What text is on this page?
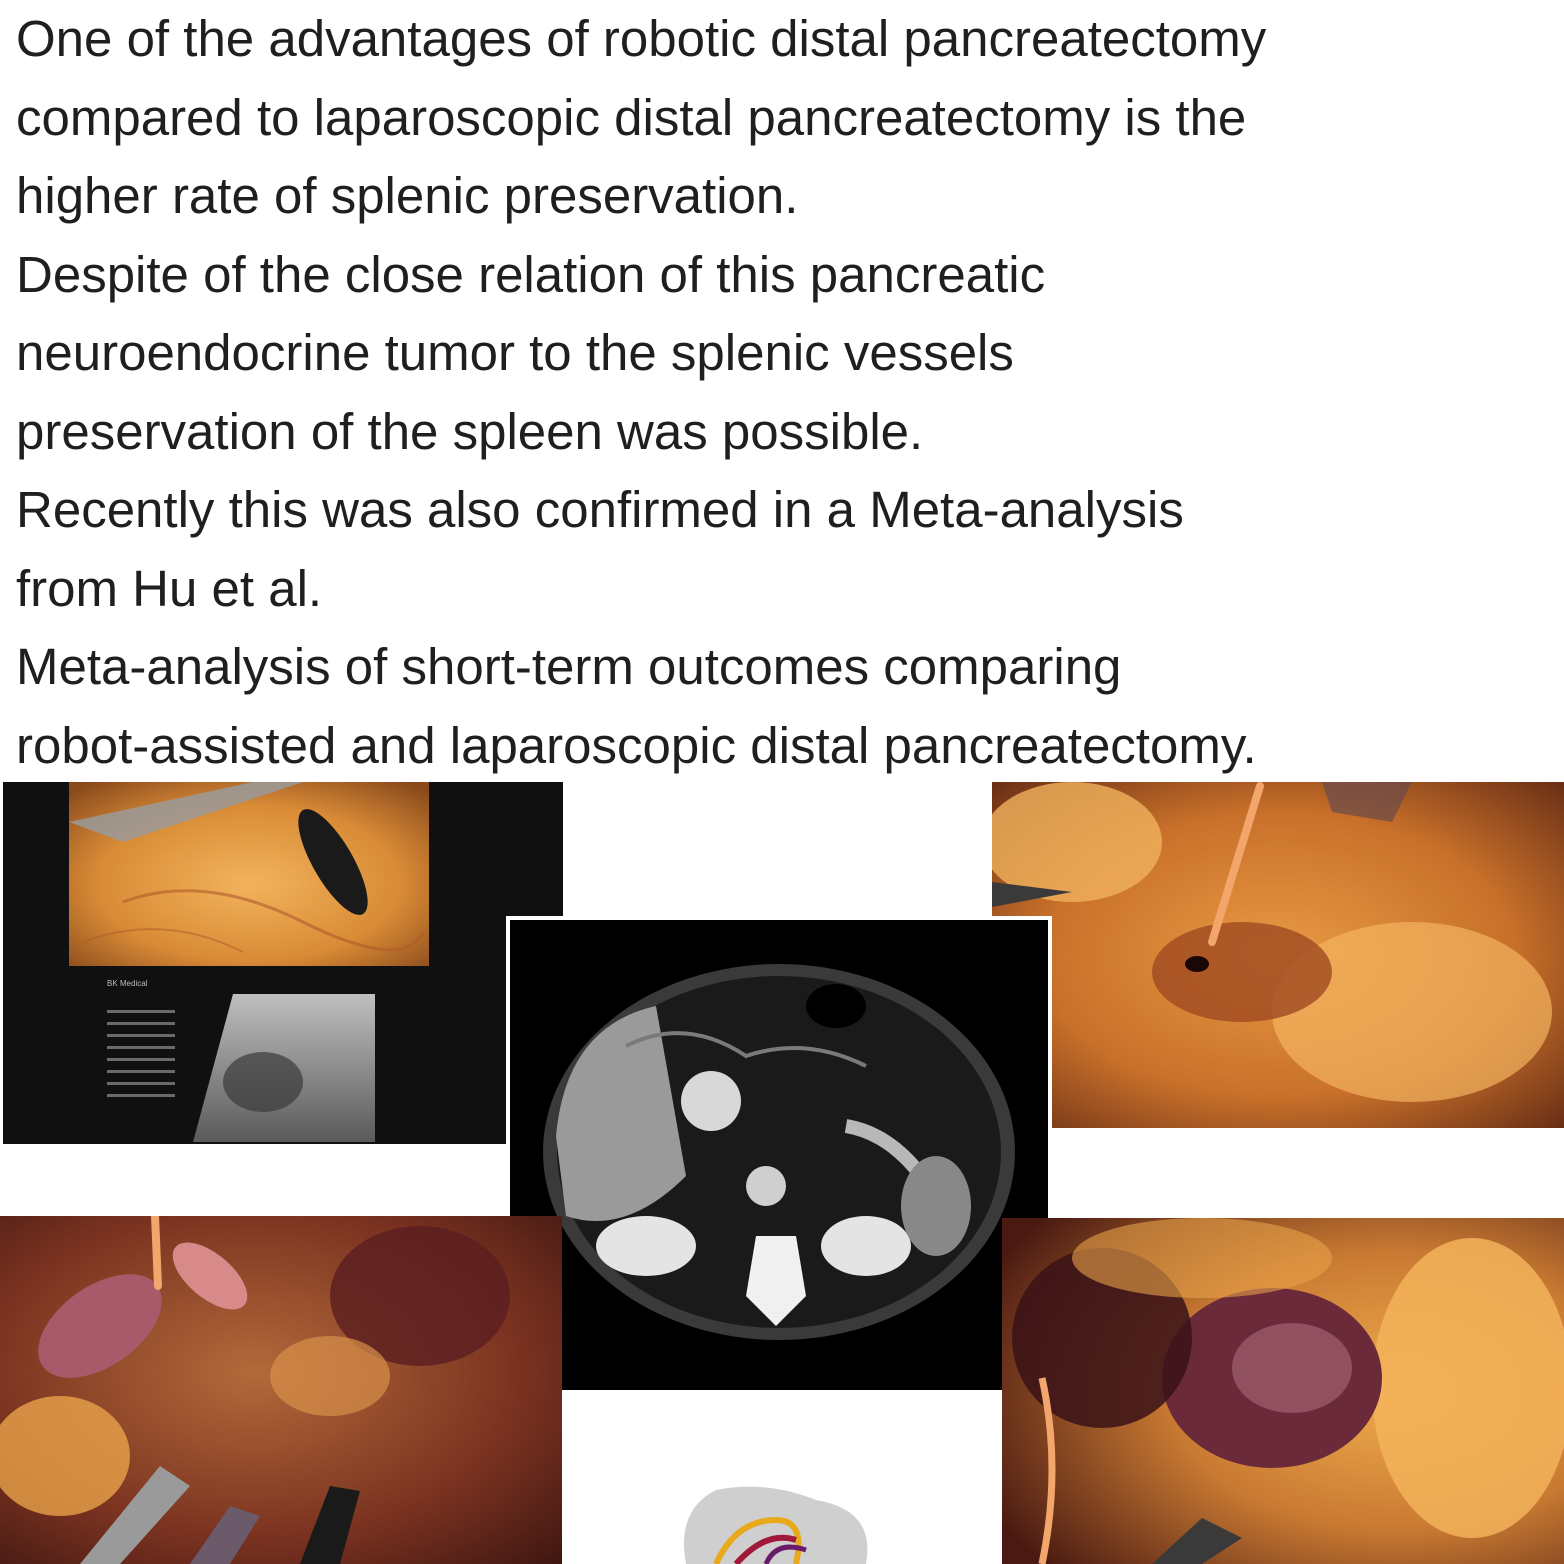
One of the advantages of robotic distal pancreatectomy
compared to laparoscopic distal pancreatectomy is the
higher rate of splenic preservation.
Despite of the close relation of this pancreatic
neuroendocrine tumor to the splenic vessels
preservation of the spleen was possible.
Recently this was also confirmed in a Meta-analysis
from Hu et al.
Meta-analysis of short-term outcomes comparing
robot-assisted and laparoscopic distal pancreatectomy.
BK Medical
